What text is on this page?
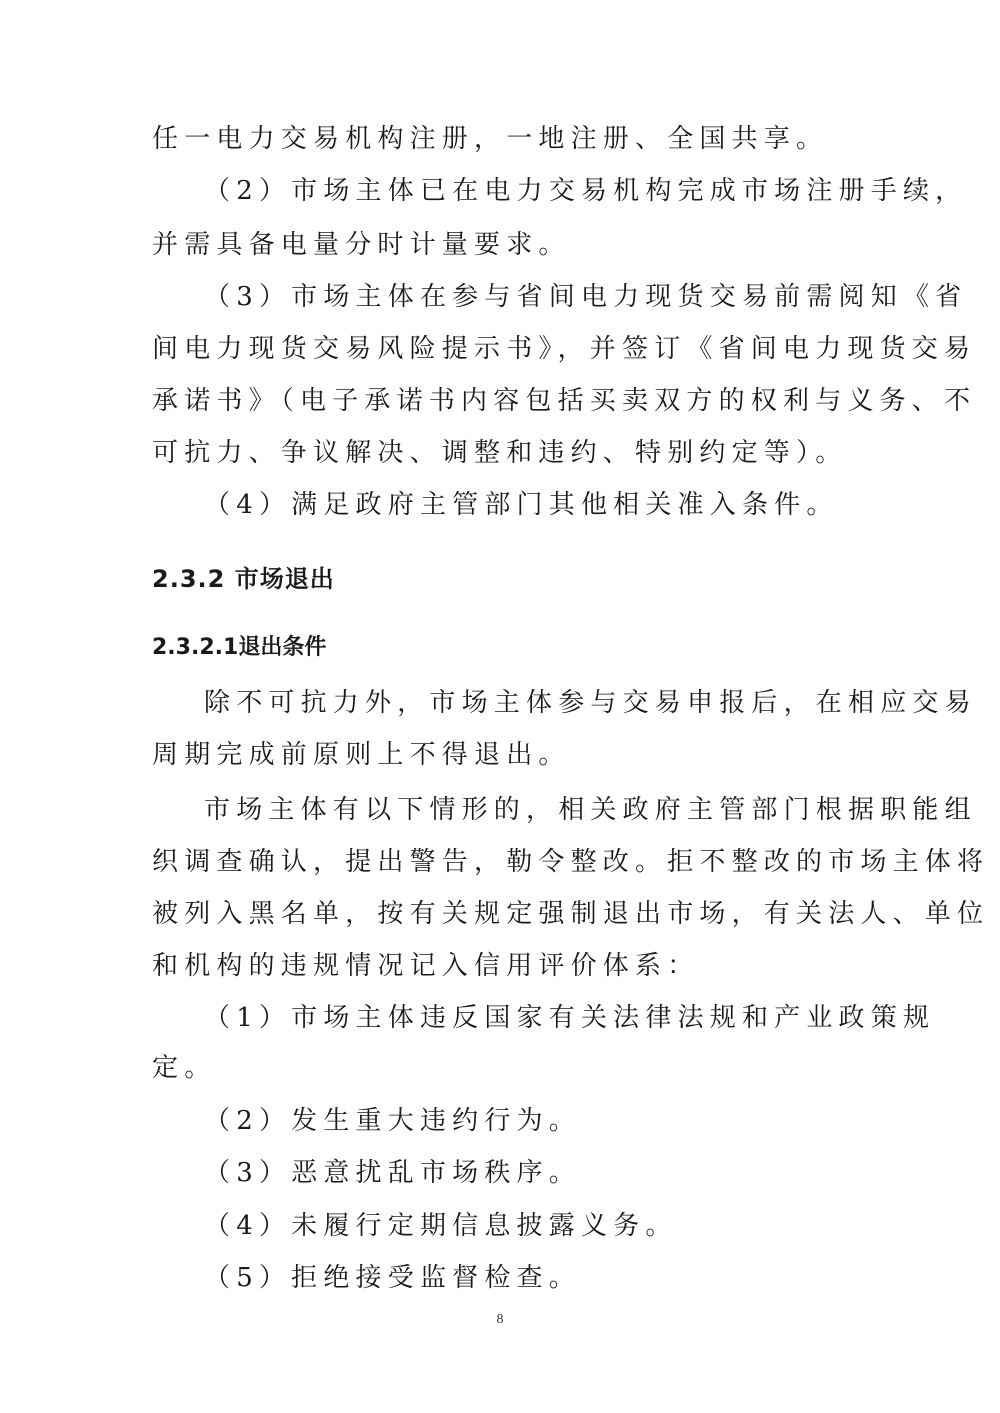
任一电力交易机构注册，一地注册、全国共享。

（2）市场主体已在电力交易机构完成市场注册手续，

并需具备电量分时计量要求。

（3）市场主体在参与省间电力现货交易前需阅知《省

间电力现货交易风险提示书》，并签订《省间电力现货交易

承诺书》（电子承诺书内容包括买卖双方的权利与义务、不

可抗力、争议解决、调整和违约、特别约定等）。

（4）满足政府主管部门其他相关准入条件。

2.3.2 市场退出
2.3.2.1退出条件

除不可抗力外，市场主体参与交易申报后，在相应交易

周期完成前原则上不得退出。

市场主体有以下情形的，相关政府主管部门根据职能组

织调查确认，提出警告，勒令整改。拒不整改的市场主体将

被列入黑名单，按有关规定强制退出市场，有关法人、单位

和机构的违规情况记入信用评价体系：

（1）市场主体违反国家有关法律法规和产业政策规

定。

（2）发生重大违约行为。

（3）恶意扰乱市场秩序。

（4）未履行定期信息披露义务。

（5）拒绝接受监督检查。

8
